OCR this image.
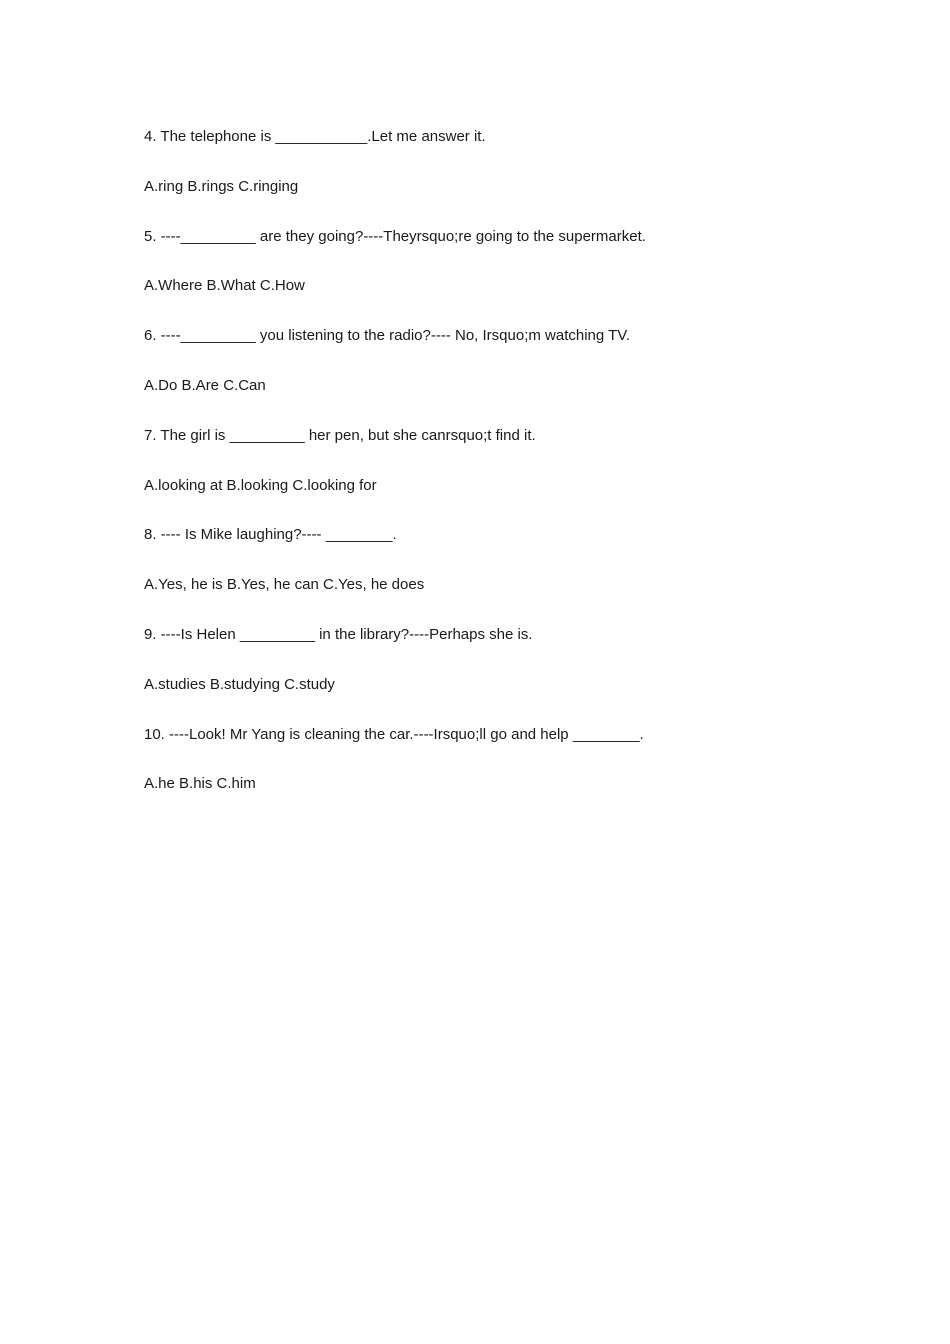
4. The telephone is ___________.Let me answer it.

A.ring B.rings C.ringing

5. ----_________ are they going?----Theyrsquo;re going to the supermarket.

A.Where B.What C.How

6. ----_________ you listening to the radio?---- No, Irsquo;m watching TV.

A.Do B.Are C.Can

7. The girl is _________ her pen, but she canrsquo;t find it.

A.looking at B.looking C.looking for

8. ---- Is Mike laughing?---- ________.

A.Yes, he is B.Yes, he can C.Yes, he does

9. ----Is Helen _________ in the library?----Perhaps she is.

A.studies B.studying C.study

10. ----Look! Mr Yang is cleaning the car.----Irsquo;ll go and help ________.

A.he B.his C.him
